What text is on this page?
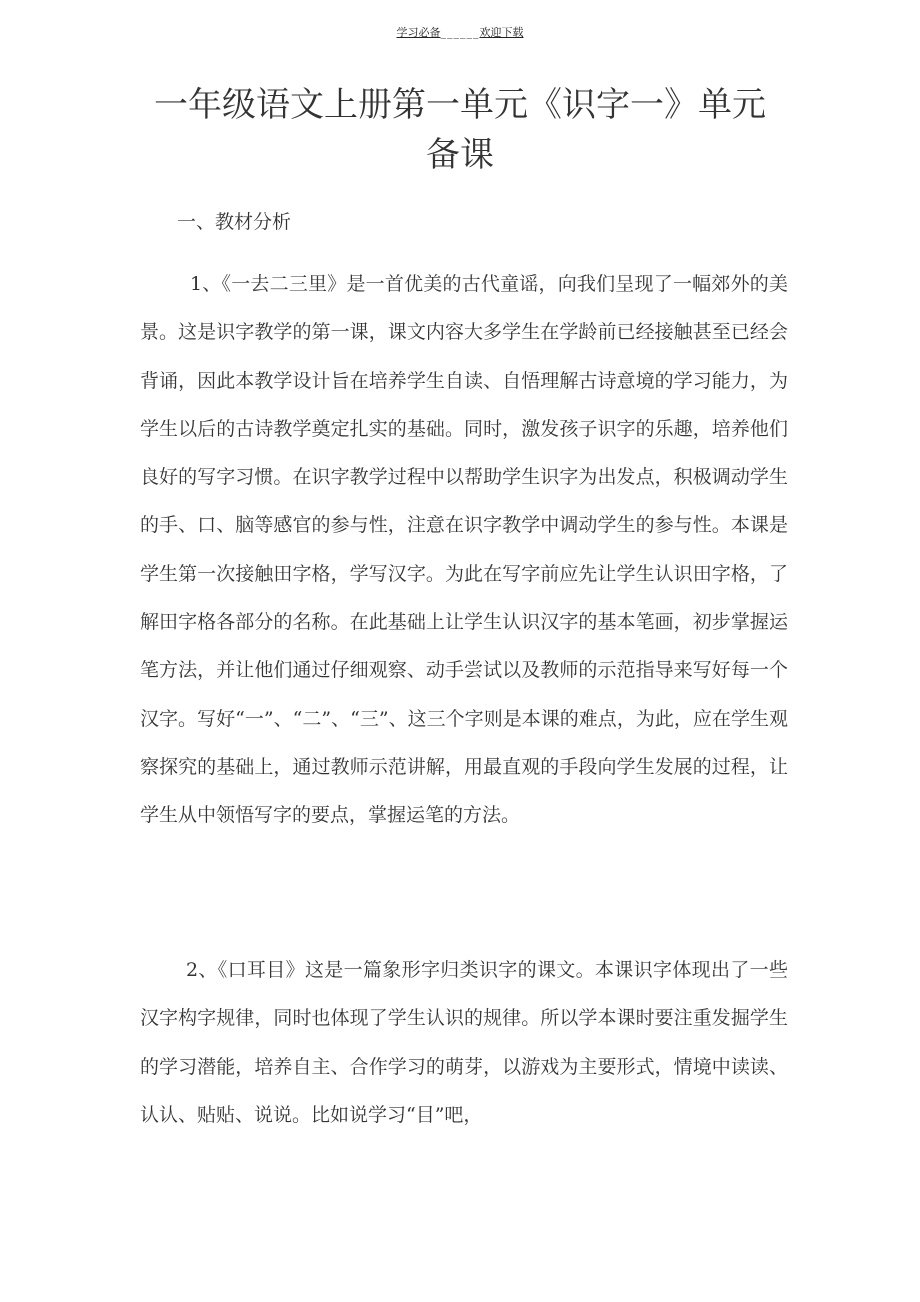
学习必备______欢迎下载
一年级语文上册第一单元《识字一》单元
备课
一、教材分析

1、《一去二三里》是一首优美的古代童谣，向我们呈现了一幅郊外的美景。这是识字教学的第一课，课文内容大多学生在学龄前已经接触甚至已经会背诵，因此本教学设计旨在培养学生自读、自悟理解古诗意境的学习能力，为学生以后的古诗教学奠定扎实的基础。同时，激发孩子识字的乐趣，培养他们良好的写字习惯。在识字教学过程中以帮助学生识字为出发点，积极调动学生的手、口、脑等感官的参与性，注意在识字教学中调动学生的参与性。本课是学生第一次接触田字格，学写汉字。为此在写字前应先让学生认识田字格，了解田字格各部分的名称。在此基础上让学生认识汉字的基本笔画，初步掌握运笔方法，并让他们通过仔细观察、动手尝试以及教师的示范指导来写好每一个汉字。写好“一”、“二”、“三”、这三个字则是本课的难点，为此，应在学生观察探究的基础上，通过教师示范讲解，用最直观的手段向学生发展的过程，让学生从中领悟写字的要点，掌握运笔的方法。

2、《口耳目》这是一篇象形字归类识字的课文。本课识字体现出了一些汉字构字规律，同时也体现了学生认识的规律。所以学本课时要注重发掘学生的学习潜能，培养自主、合作学习的萌芽，以游戏为主要形式，情境中读读、认认、贴贴、说说。比如说学习“目”吧，
